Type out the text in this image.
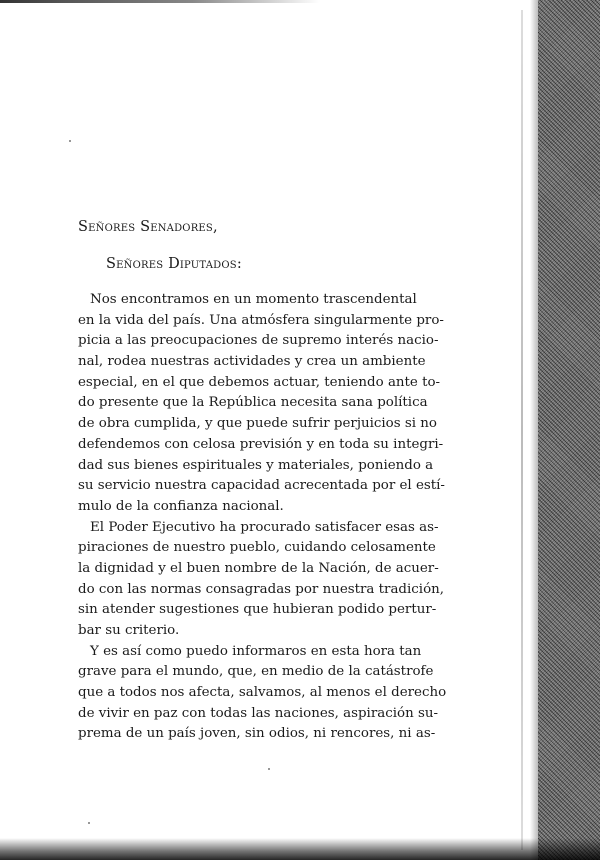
Señores Senadores,
Señores Diputados:
Nos encontramos en un momento trascendental
en la vida del país. Una atmósfera singularmente pro-
picia a las preocupaciones de supremo interés nacio-
nal, rodea nuestras actividades y crea un ambiente
especial, en el que debemos actuar, teniendo ante to-
do presente que la República necesita sana política
de obra cumplida, y que puede sufrir perjuicios si no
defendemos con celosa previsión y en toda su integri-
dad sus bienes espirituales y materiales, poniendo a
su servicio nuestra capacidad acrecentada por el estí-
mulo de la confianza nacional.
El Poder Ejecutivo ha procurado satisfacer esas as-
piraciones de nuestro pueblo, cuidando celosamente
la dignidad y el buen nombre de la Nación, de acuer-
do con las normas consagradas por nuestra tradición,
sin atender sugestiones que hubieran podido pertur-
bar su criterio.
Y es así como puedo informaros en esta hora tan
grave para el mundo, que, en medio de la catástrofe
que a todos nos afecta, salvamos, al menos el derecho
de vivir en paz con todas las naciones, aspiración su-
prema de un país joven, sin odios, ni rencores, ni as-
